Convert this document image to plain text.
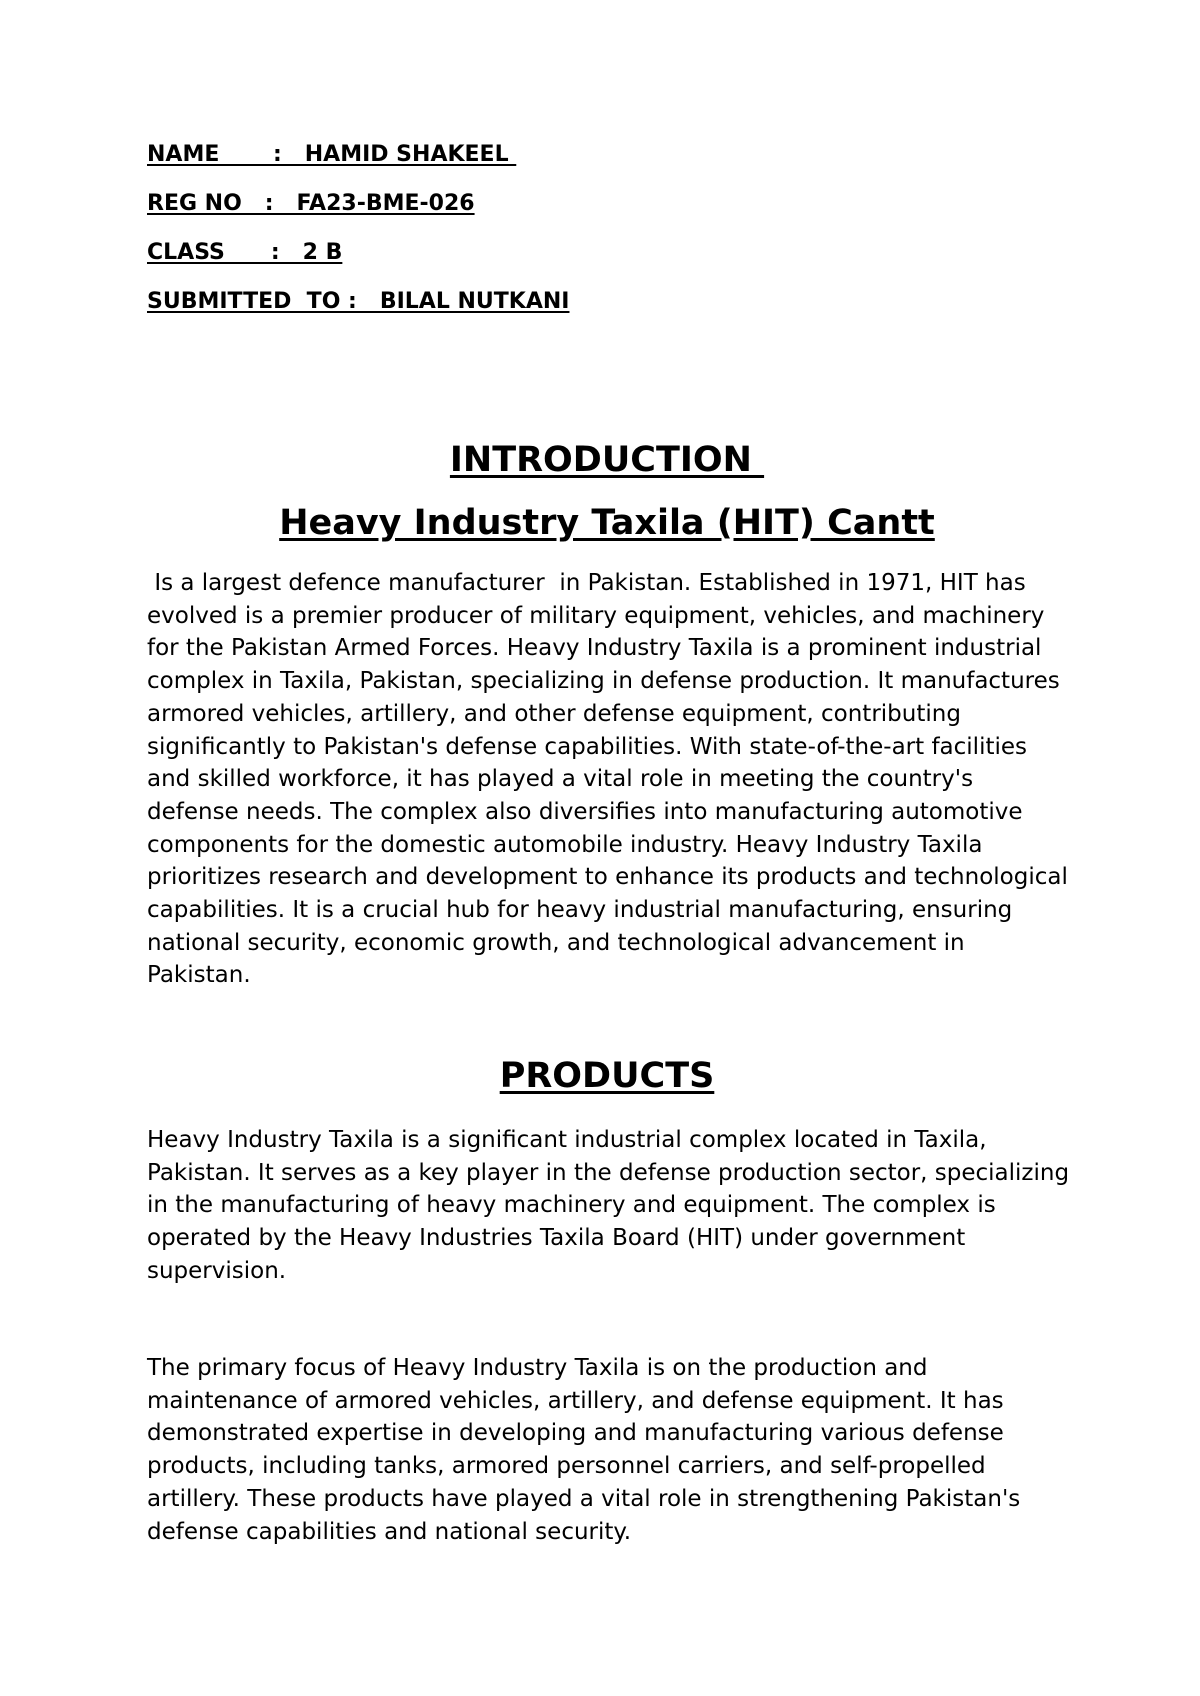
NAME       :   HAMID SHAKEEL
REG NO   :   FA23-BME-026
CLASS      :   2 B
SUBMITTED  TO :   BILAL NUTKANI
INTRODUCTION
Heavy Industry Taxila (HIT) Cantt
Is a largest defence manufacturer  in Pakistan. Established in 1971, HIT has evolved is a premier producer of military equipment, vehicles, and machinery for the Pakistan Armed Forces. Heavy Industry Taxila is a prominent industrial complex in Taxila, Pakistan, specializing in defense production. It manufactures armored vehicles, artillery, and other defense equipment, contributing significantly to Pakistan's defense capabilities. With state-of-the-art facilities and skilled workforce, it has played a vital role in meeting the country's defense needs. The complex also diversifies into manufacturing automotive components for the domestic automobile industry. Heavy Industry Taxila prioritizes research and development to enhance its products and technological capabilities. It is a crucial hub for heavy industrial manufacturing, ensuring national security, economic growth, and technological advancement in Pakistan.
PRODUCTS
Heavy Industry Taxila is a significant industrial complex located in Taxila, Pakistan. It serves as a key player in the defense production sector, specializing in the manufacturing of heavy machinery and equipment. The complex is operated by the Heavy Industries Taxila Board (HIT) under government supervision.
The primary focus of Heavy Industry Taxila is on the production and maintenance of armored vehicles, artillery, and defense equipment. It has demonstrated expertise in developing and manufacturing various defense products, including tanks, armored personnel carriers, and self-propelled artillery. These products have played a vital role in strengthening Pakistan's defense capabilities and national security.
